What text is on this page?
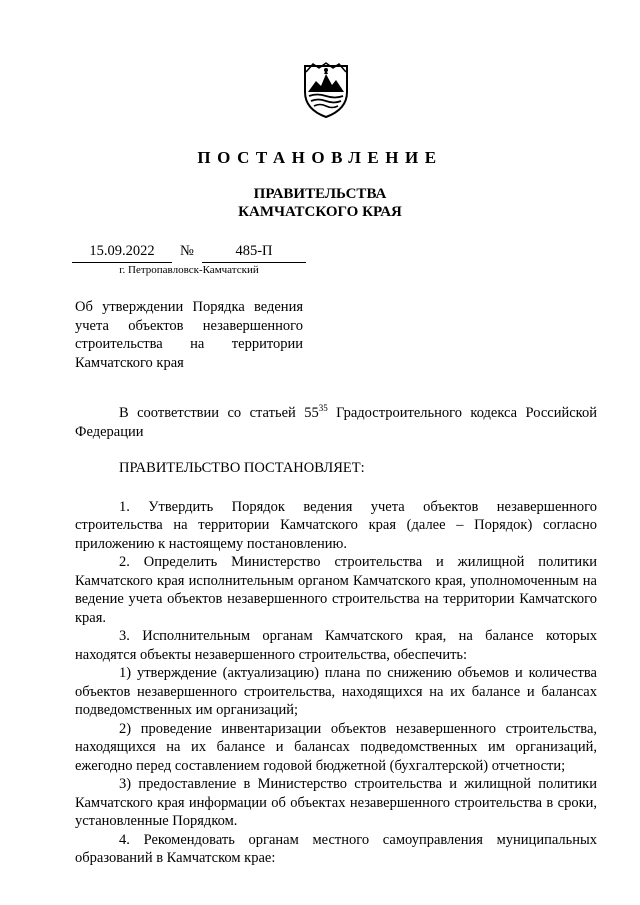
ПОСТАНОВЛЕНИЕ
ПРАВИТЕЛЬСТВА
КАМЧАТСКОГО КРАЯ
15.09.2022	№	485-П
г. Петропавловск-Камчатский
Об утверждении Порядка ведения учета объектов незавершенного строительства на территории Камчатского края

В соответствии со статьей $55^{35}$ Градостроительного кодекса Российской Федерации

ПРАВИТЕЛЬСТВО ПОСТАНОВЛЯЕТ:

1. Утвердить Порядок ведения учета объектов незавершенного строительства на территории Камчатского края (далее – Порядок) согласно приложению к настоящему постановлению.

2. Определить Министерство строительства и жилищной политики Камчатского края исполнительным органом Камчатского края, уполномоченным на ведение учета объектов незавершенного строительства на территории Камчатского края.

3. Исполнительным органам Камчатского края, на балансе которых находятся объекты незавершенного строительства, обеспечить:

1) утверждение (актуализацию) плана по снижению объемов и количества объектов незавершенного строительства, находящихся на их балансе и балансах подведомственных им организаций;

2) проведение инвентаризации объектов незавершенного строительства, находящихся на их балансе и балансах подведомственных им организаций, ежегодно перед составлением годовой бюджетной (бухгалтерской) отчетности;

3) предоставление в Министерство строительства и жилищной политики Камчатского края информации об объектах незавершенного строительства в сроки, установленные Порядком.

4. Рекомендовать органам местного самоуправления муниципальных образований в Камчатском крае:
